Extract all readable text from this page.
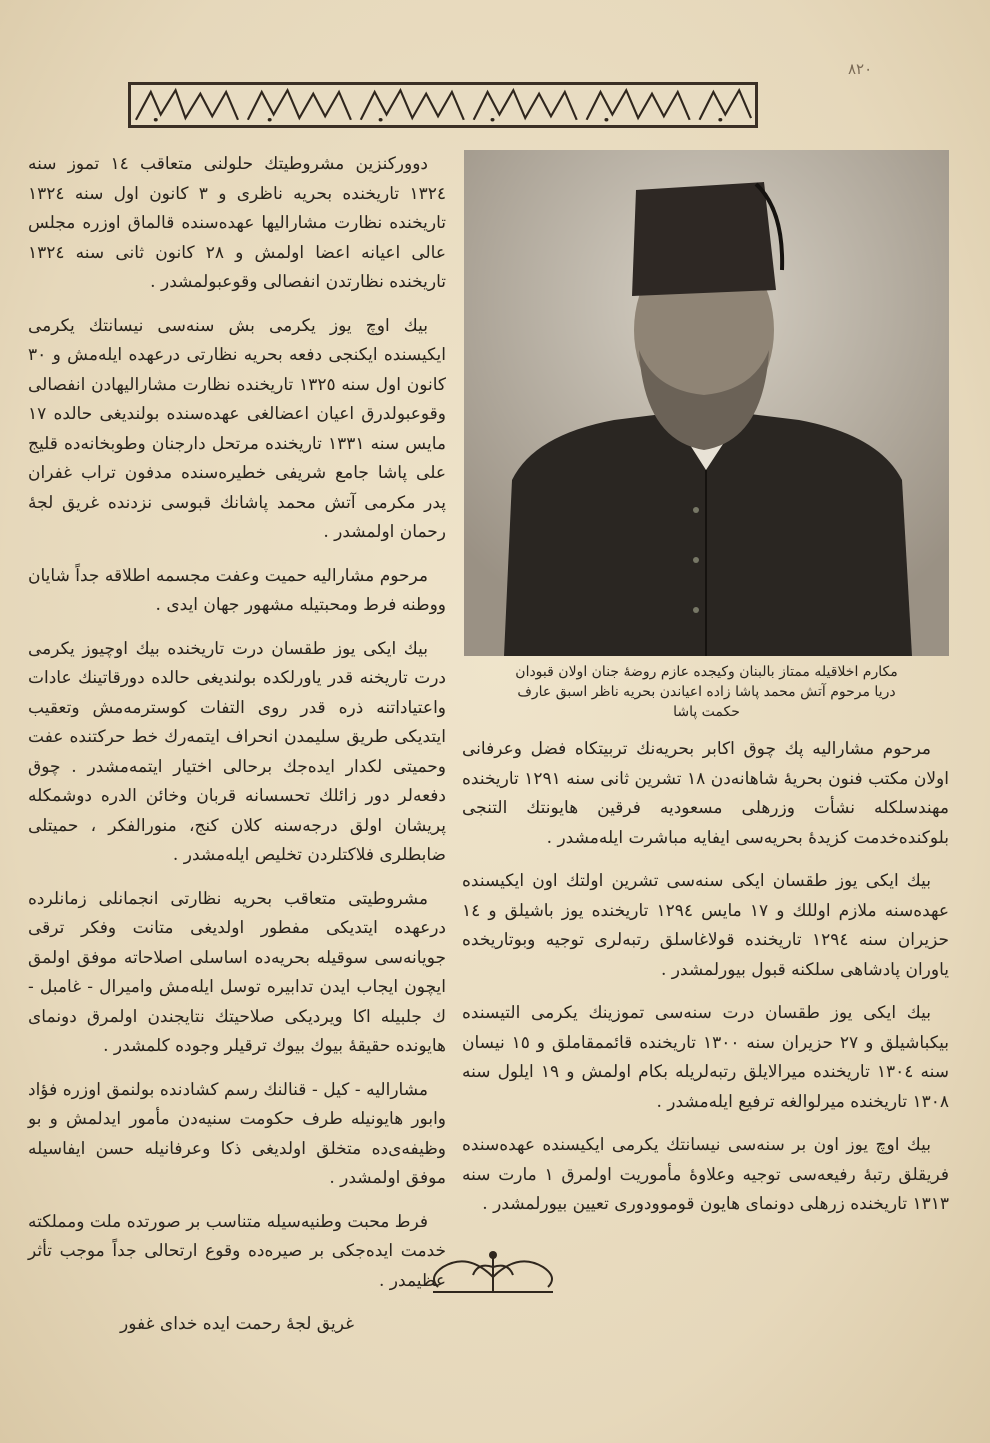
۸۲۰

دوورکنزین مشروطیتك حلولنی متعاقب ١٤ تموز سنه ١٣٢٤ تاریخنده بحریه ناظری و ٣ کانون اول سنه ١٣٢٤ تاریخنده نظارت مشارالیها عهده‌سنده قالماق اوزره مجلس عالی اعیانه اعضا اولمش و ٢٨ کانون ثانی سنه ١٣٢٤ تاریخنده نظارتدن انفصالی وقوعبولمشدر .

بیك اوچ یوز یکرمی بش سنه‌سی نیسانتك یکرمی ایکیسنده ایکنجی دفعه بحریه نظارتی درعهده ایله‌مش و ٣٠ کانون اول سنه ١٣٢٥ تاریخنده نظارت مشارالیهادن انفصالی وقوعبولدرق اعیان اعضالغی عهده‌سنده بولندیغی حالده ١٧ مایس سنه ١٣٣١ تاریخنده مرتحل دارجنان وطوبخانه‌ده قلیج علی پاشا جامع شریفی خطیره‌سنده مدفون تراب غفران پدر مکرمی آتش محمد پاشانك قبوسی نزدنده غریق لجهٔ رحمان اولمشدر .

مرحوم مشارالیه حمیت وعفت مجسمه اطلاقه جداً شایان ووطنه فرط ومحبتیله مشهور جهان ایدی .

بیك ایکی یوز طقسان درت تاریخنده بیك اوچیوز یکرمی درت تاریخنه قدر یاورلکده بولندیغی حالده دورقاتینك عادات واعتیاداتنه ذره قدر روی التفات کوسترمه‌مش وتعقیب ایتدیکی طریق سلیمدن انحراف ایتمه‌رك خط حرکتنده عفت وحمیتی لکدار ایده‌جك برحالی اختیار ایتمه‌مشدر . چوق دفعه‌لر دور زائلك تحسسانه قربان وخائن الدره دوشمکله پریشان اولق درجه‌سنه کلان کنج، منورالفکر ، حمیتلی ضابطلری فلاکتلردن تخلیص ایله‌مشدر .

مشروطیتی متعاقب بحریه نظارتی انجمانلی زمانلرده درعهده ایتدیکی مفطور اولدیغی متانت وفکر ترقی جویانه‌سی سوقیله بحریه‌ده اساسلی اصلاحاته موفق اولمق ایچون ایجاب ایدن تدابیره توسل ایله‌مش وامیرال - غامبل - ك جلبیله اکا ویردیکی صلاحیتك نتایجندن اولمرق دونمای هایونده حقیقهٔ بیوك بیوك ترقیلر وجوده کلمشدر .

مشارالیه - کیل - قنالنك رسم کشادنده بولنمق اوزره فؤاد وابور هایونیله طرف حکومت سنیه‌دن مأمور ایدلمش و بو وظیفه‌ی‌ده متخلق اولدیغی ذکا وعرفانیله حسن ایفاسیله موفق اولمشدر .

فرط محبت وطنیه‌سیله متناسب بر صورتده ملت ومملکته خدمت ایده‌جکی بر صیره‌ده وقوع ارتحالی جداً موجب تأثر عظیمدر .

غریق لجهٔ رحمت ایده خدای غفور

مکارم اخلاقیله ممتاز بالبنان وکیجده عازم روضهٔ جنان اولان قبودان
دریا مرحوم آتش محمد پاشا زاده اعیاندن بحریه ناظر اسبق عارف
حکمت پاشا

مرحوم مشارالیه پك چوق اکابر بحریه‌نك تربیتکاه فضل وعرفانی اولان مکتب فنون بحریهٔ شاهانه‌دن ١٨ تشرین ثانی سنه ١٢٩١ تاریخنده مهندسلکله نشأت وزرهلی مسعودیه فرقین هایونتك التنجی بلوکنده‌خدمت کزیدهٔ بحریه‌سی ایفایه مباشرت ایله‌مشدر .

بیك ایکی یوز طقسان ایکی سنه‌سی تشرین اولتك اون ایکیسنده عهده‌سنه ملازم اوللك و ١٧ مایس ١٢٩٤ تاریخنده یوز باشیلق و ١٤ حزیران سنه ١٢٩٤ تاریخنده قولاغاسلق رتبه‌لری توجیه وبوتاریخده یاوران پادشاهی سلکنه قبول بیورلمشدر .

بیك ایکی یوز طقسان درت سنه‌سی تموزینك یکرمی التیسنده بیکباشیلق و ٢٧ حزیران سنه ١٣٠٠ تاریخنده قائممقاملق و ١٥ نیسان سنه ١٣٠٤ تاریخنده میرالایلق رتبه‌لریله بکام اولمش و ١٩ ایلول سنه ١٣٠٨ تاریخنده میرلوالغه ترفیع ایله‌مشدر .

بیك اوچ یوز اون بر سنه‌سی نیسانتك یکرمی ایکیسنده عهده‌سنده فریقلق رتبهٔ رفیعه‌سی توجیه وعلاوهٔ مأموریت اولمرق ١ مارت سنه ١٣١٣ تاریخنده زرهلی دونمای هایون قوموودوری تعیین بیورلمشدر .
